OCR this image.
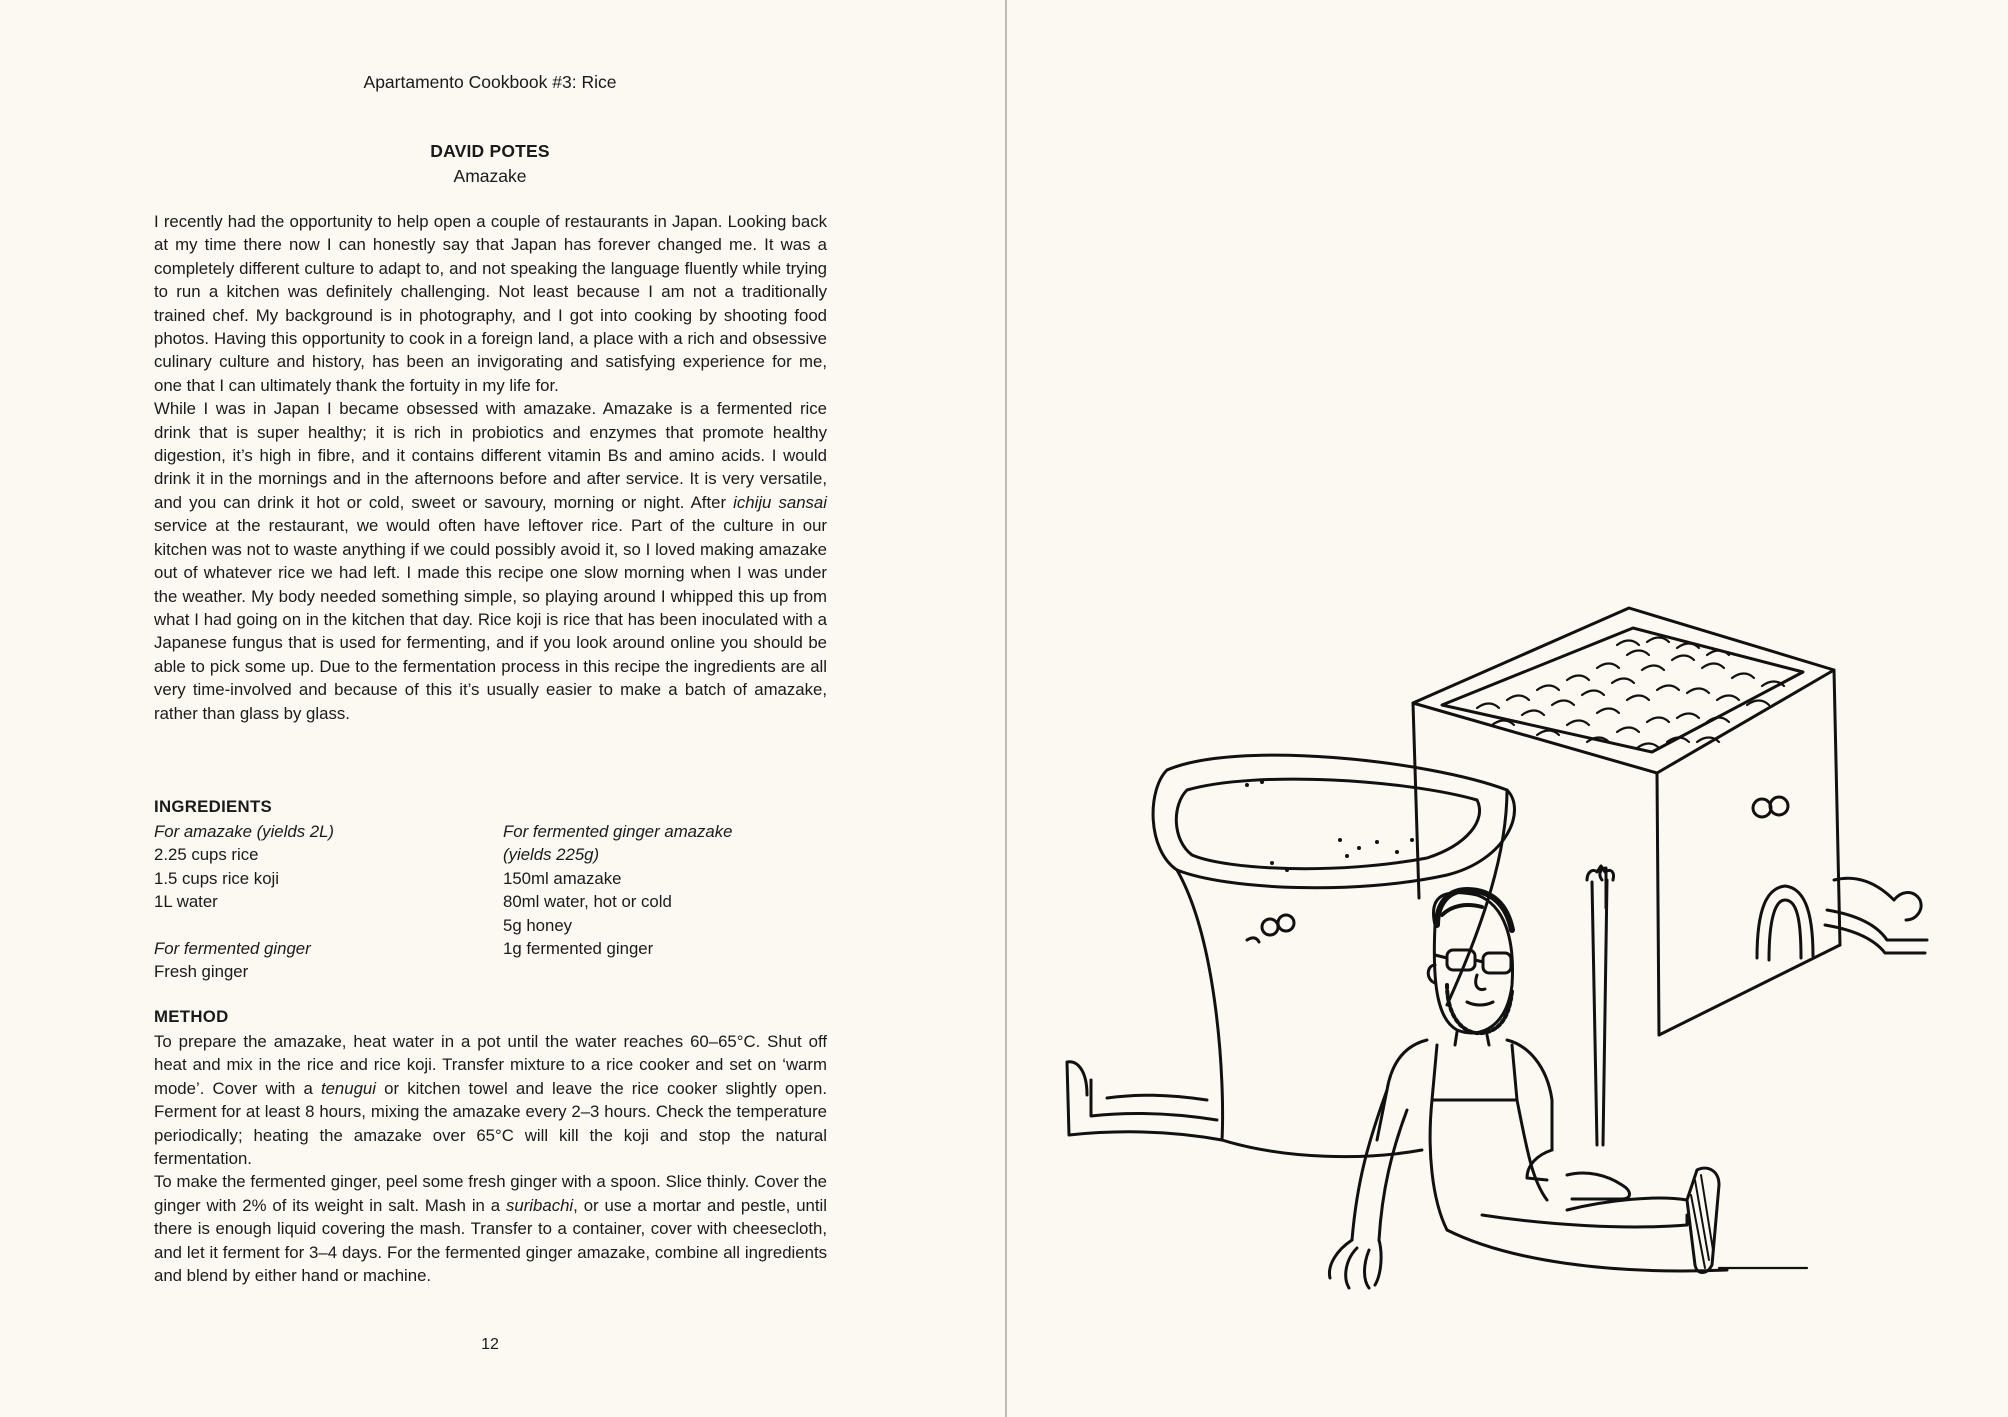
Apartamento Cookbook #3: Rice
DAVID POTES
Amazake

I recently had the opportunity to help open a couple of restaurants in Japan. Looking back at my time there now I can honestly say that Japan has forever changed me. It was a completely different culture to adapt to, and not speaking the language fluently while trying to run a kitchen was definitely challenging. Not least because I am not a traditionally trained chef. My background is in photography, and I got into cooking by shooting food photos. Having this opportunity to cook in a foreign land, a place with a rich and obsessive culinary culture and history, has been an invigorating and satisfying experience for me, one that I can ultimately thank the fortuity in my life for.

While I was in Japan I became obsessed with amazake. Amazake is a fermented rice drink that is super healthy; it is rich in probiotics and enzymes that promote healthy digestion, it’s high in fibre, and it contains different vitamin Bs and amino acids. I would drink it in the mornings and in the afternoons before and after service. It is very versatile, and you can drink it hot or cold, sweet or savoury, morning or night. After ichiju sansai service at the restaurant, we would often have leftover rice. Part of the culture in our kitchen was not to waste anything if we could possibly avoid it, so I loved making amazake out of whatever rice we had left. I made this recipe one slow morning when I was under the weather. My body needed something simple, so playing around I whipped this up from what I had going on in the kitchen that day. Rice koji is rice that has been inoculated with a Japanese fungus that is used for fermenting, and if you look around online you should be able to pick some up. Due to the fermentation process in this recipe the ingredients are all very time-involved and because of this it’s usually easier to make a batch of amazake, rather than glass by glass.

INGREDIENTS
For amazake (yields 2L)
2.25 cups rice
1.5 cups rice koji
1L water
For fermented ginger
Fresh ginger
For fermented ginger amazake
(yields 225g)
150ml amazake
80ml water, hot or cold
5g honey
1g fermented ginger
METHOD

To prepare the amazake, heat water in a pot until the water reaches 60–65°C. Shut off heat and mix in the rice and rice koji. Transfer mixture to a rice cooker and set on ‘warm mode’. Cover with a tenugui or kitchen towel and leave the rice cooker slightly open. Ferment for at least 8 hours, mixing the amazake every 2–3 hours. Check the temperature periodically; heating the amazake over 65°C will kill the koji and stop the natural fermentation.

To make the fermented ginger, peel some fresh ginger with a spoon. Slice thinly. Cover the ginger with 2% of its weight in salt. Mash in a suribachi, or use a mortar and pestle, until there is enough liquid covering the mash. Transfer to a container, cover with cheesecloth, and let it ferment for 3–4 days. For the fermented ginger amazake, combine all ingredients and blend by either hand or machine.

12
